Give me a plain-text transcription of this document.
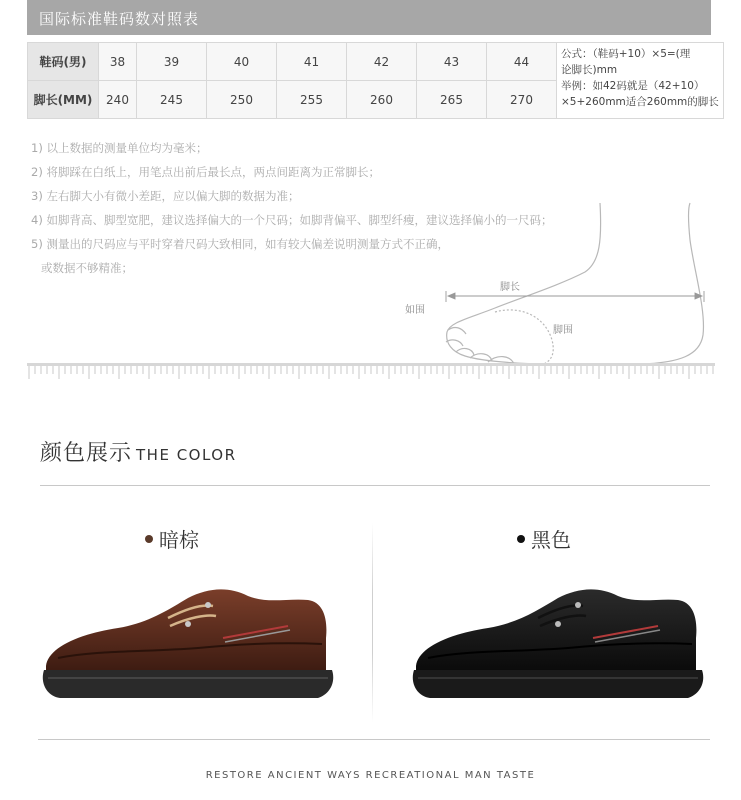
国际标准鞋码数对照表
鞋码(男)	38	39	40	41	42	43	44	公式：（鞋码+10）×5=(理
论脚长)mm
举例：如42码就是（42+10）
×5+260mm适合260mm的脚长

脚长(MM)	240	245	250	255	260	265	270	
1) 以上数据的测量单位均为毫米；
2) 将脚踩在白纸上，用笔点出前后最长点，两点间距离为正常脚长；
3) 左右脚大小有微小差距，应以偏大脚的数据为准；
4) 如脚背高、脚型宽肥，建议选择偏大的一个尺码；如脚背偏平、脚型纤瘦，建议选择偏小的一尺码；
5) 测量出的尺码应与平时穿着尺码大致相同，如有较大偏差说明测量方式不正确，
或数据不够精准；
脚长
脚围
如围
颜色展示 THE COLOR
暗棕	黑色
RESTORE ANCIENT WAYS RECREATIONAL MAN TASTE
